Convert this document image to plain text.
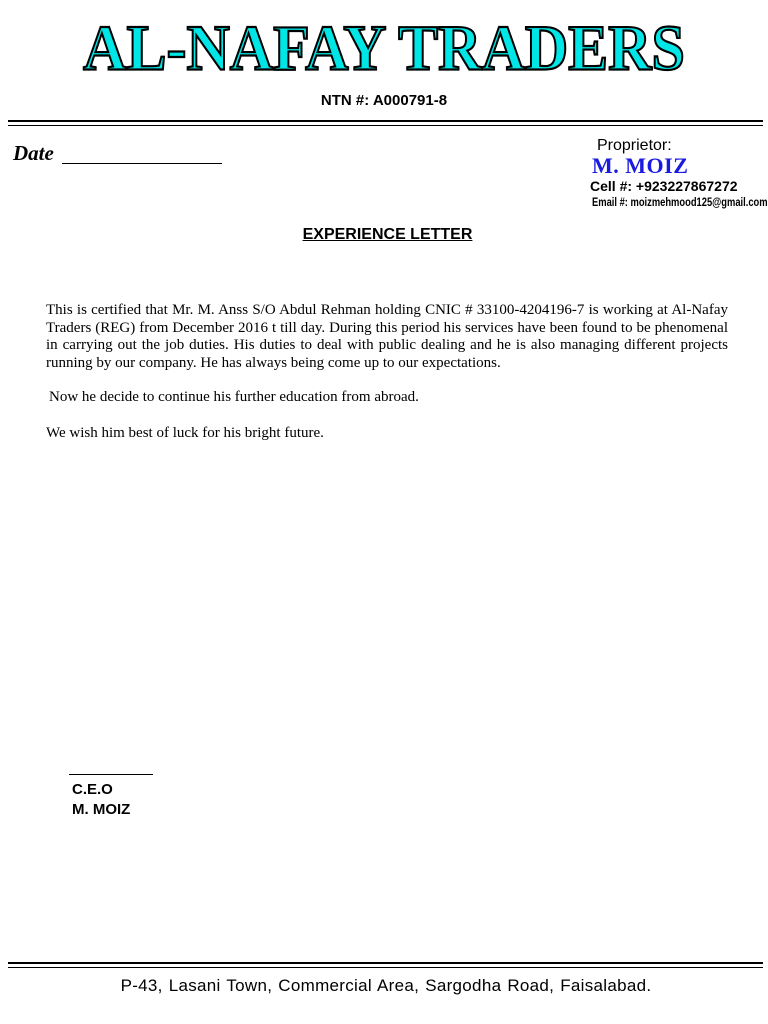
AL-NAFAY TRADERS
NTN #: A000791-8
Date	Proprietor:
M. MOIZ
Cell #: +923227867272
Email #: moizmehmood125@gmail.com
EXPERIENCE LETTER

This is certified that Mr. M. Anss S/O Abdul Rehman holding CNIC # 33100-4204196-7 is working at Al-Nafay Traders (REG) from December 2016 t till day. During this period his services have been found to be phenomenal in carrying out the job duties. His duties to deal with public dealing and he is also managing different projects running by our company. He has always being come up to our expectations.

Now he decide to continue his further education from abroad.

We wish him best of luck for his bright future.

C.E.O
M. MOIZ
P-43, Lasani Town, Commercial Area, Sargodha Road, Faisalabad.
